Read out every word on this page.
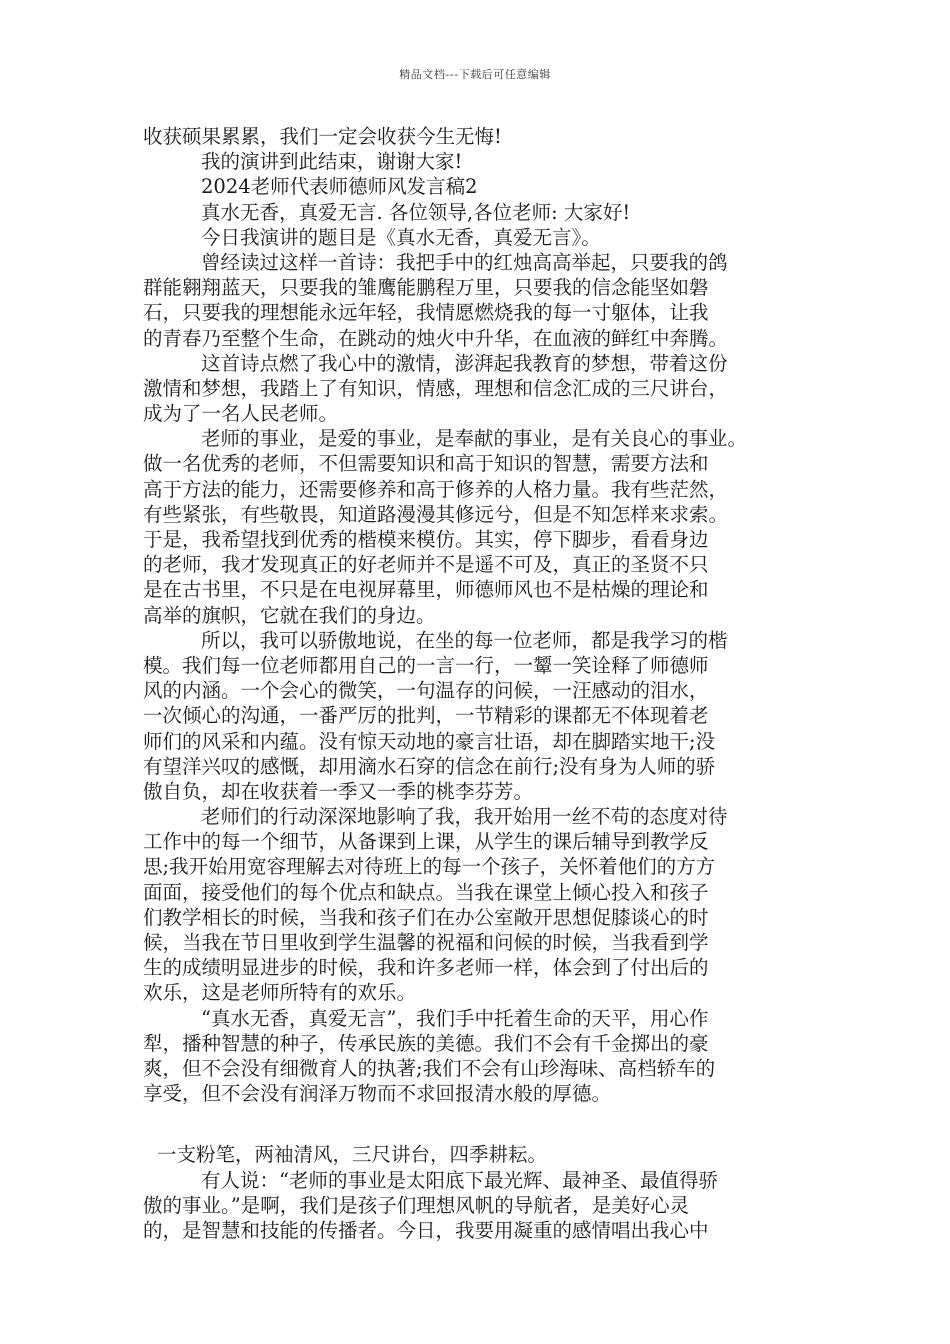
精品文档---下载后可任意编辑
收获硕果累累，我们一定会收获今生无悔!
我的演讲到此结束，谢谢大家!
2024老师代表师德师风发言稿2
真水无香，真爱无言. 各位领导,各位老师: 大家好!
今日我演讲的题目是《真水无香，真爱无言》。
曾经读过这样一首诗：我把手中的红烛高高举起，只要我的鸽
群能翱翔蓝天，只要我的雏鹰能鹏程万里，只要我的信念能坚如磐
石，只要我的理想能永远年轻，我情愿燃烧我的每一寸躯体，让我
的青春乃至整个生命，在跳动的烛火中升华，在血液的鲜红中奔腾。
这首诗点燃了我心中的激情，澎湃起我教育的梦想，带着这份
激情和梦想，我踏上了有知识，情感，理想和信念汇成的三尺讲台，
成为了一名人民老师。
老师的事业，是爱的事业，是奉献的事业，是有关良心的事业。
做一名优秀的老师，不但需要知识和高于知识的智慧，需要方法和
高于方法的能力，还需要修养和高于修养的人格力量。我有些茫然，
有些紧张，有些敬畏，知道路漫漫其修远兮，但是不知怎样来求索。
于是，我希望找到优秀的楷模来模仿。其实，停下脚步，看看身边
的老师，我才发现真正的好老师并不是遥不可及，真正的圣贤不只
是在古书里，不只是在电视屏幕里，师德师风也不是枯燥的理论和
高举的旗帜，它就在我们的身边。
所以，我可以骄傲地说，在坐的每一位老师，都是我学习的楷
模。我们每一位老师都用自己的一言一行，一颦一笑诠释了师德师
风的内涵。一个会心的微笑，一句温存的问候，一汪感动的泪水，
一次倾心的沟通，一番严厉的批判，一节精彩的课都无不体现着老
师们的风采和内蕴。没有惊天动地的豪言壮语，却在脚踏实地干;没
有望洋兴叹的感慨，却用滴水石穿的信念在前行;没有身为人师的骄
傲自负，却在收获着一季又一季的桃李芬芳。
老师们的行动深深地影响了我，我开始用一丝不苟的态度对待
工作中的每一个细节，从备课到上课，从学生的课后辅导到教学反
思;我开始用宽容理解去对待班上的每一个孩子，关怀着他们的方方
面面，接受他们的每个优点和缺点。当我在课堂上倾心投入和孩子
们教学相长的时候，当我和孩子们在办公室敞开思想促膝谈心的时
候，当我在节日里收到学生温馨的祝福和问候的时候，当我看到学
生的成绩明显进步的时候，我和许多老师一样，体会到了付出后的
欢乐，这是老师所特有的欢乐。
“真水无香，真爱无言”，我们手中托着生命的天平，用心作
犁，播种智慧的种子，传承民族的美德。我们不会有千金掷出的豪
爽，但不会没有细微育人的执著;我们不会有山珍海味、高档轿车的
享受，但不会没有润泽万物而不求回报清水般的厚德。
一支粉笔，两袖清风，三尺讲台，四季耕耘。
有人说：“老师的事业是太阳底下最光辉、最神圣、最值得骄
傲的事业。”是啊，我们是孩子们理想风帆的导航者，是美好心灵
的，是智慧和技能的传播者。今日，我要用凝重的感情唱出我心中
